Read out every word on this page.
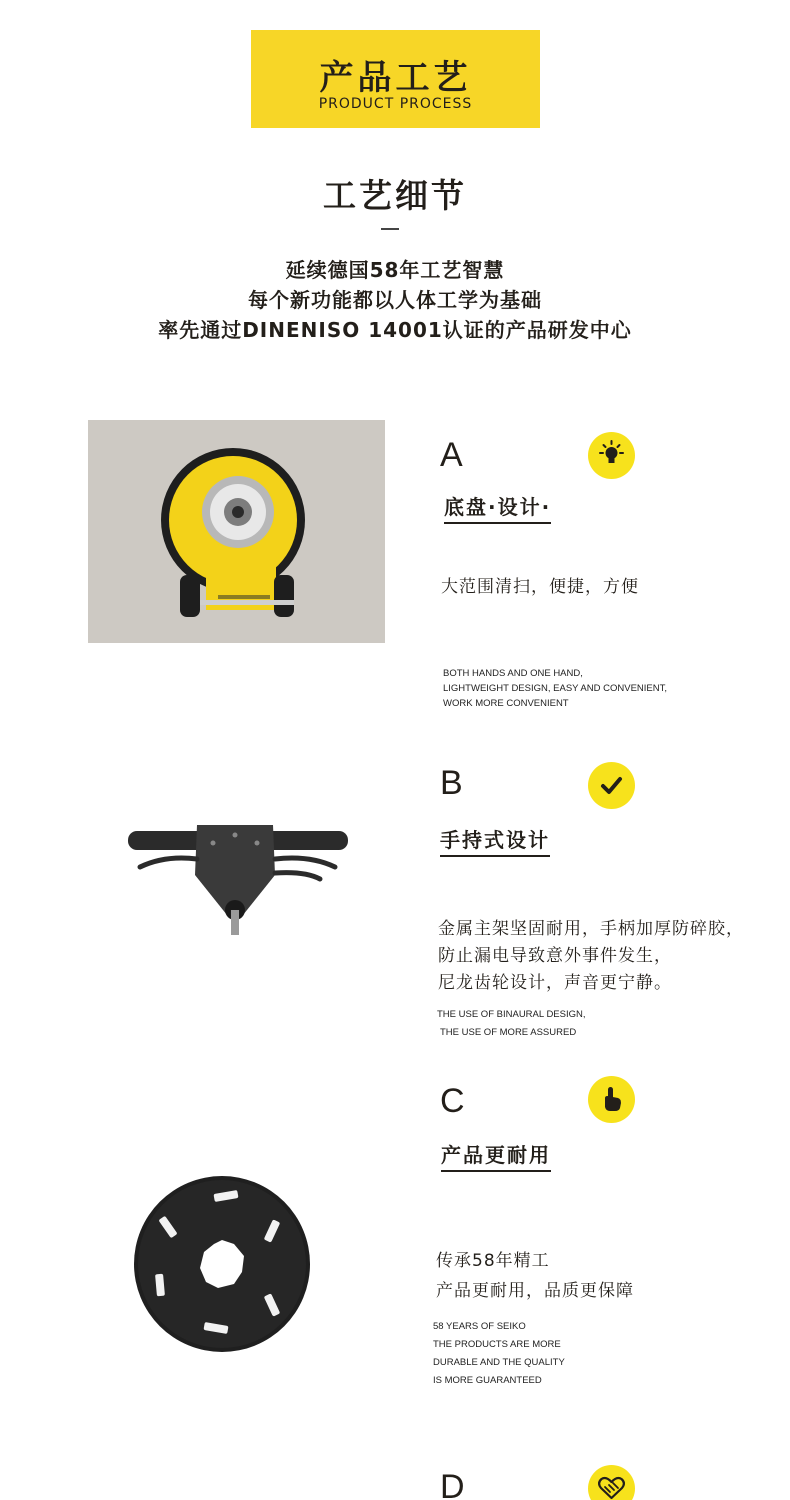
产品工艺
PRODUCT PROCESS
工艺细节
延续德国58年工艺智慧
每个新功能都以人体工学为基础
率先通过DINENISO 14001认证的产品研发中心
A
底盘·设计·
大范围清扫，便捷，方便
BOTH HANDS AND ONE HAND,
LIGHTWEIGHT DESIGN, EASY AND CONVENIENT,
WORK MORE CONVENIENT
B
手持式设计
金属主架坚固耐用，手柄加厚防碎胶，
防止漏电导致意外事件发生，
尼龙齿轮设计，声音更宁静。
THE USE OF BINAURAL DESIGN,
THE USE OF MORE ASSURED
C
产品更耐用
传承58年精工
产品更耐用，品质更保障
58 YEARS OF SEIKO
THE PRODUCTS ARE MORE
DURABLE AND THE QUALITY
IS MORE GUARANTEED
D
